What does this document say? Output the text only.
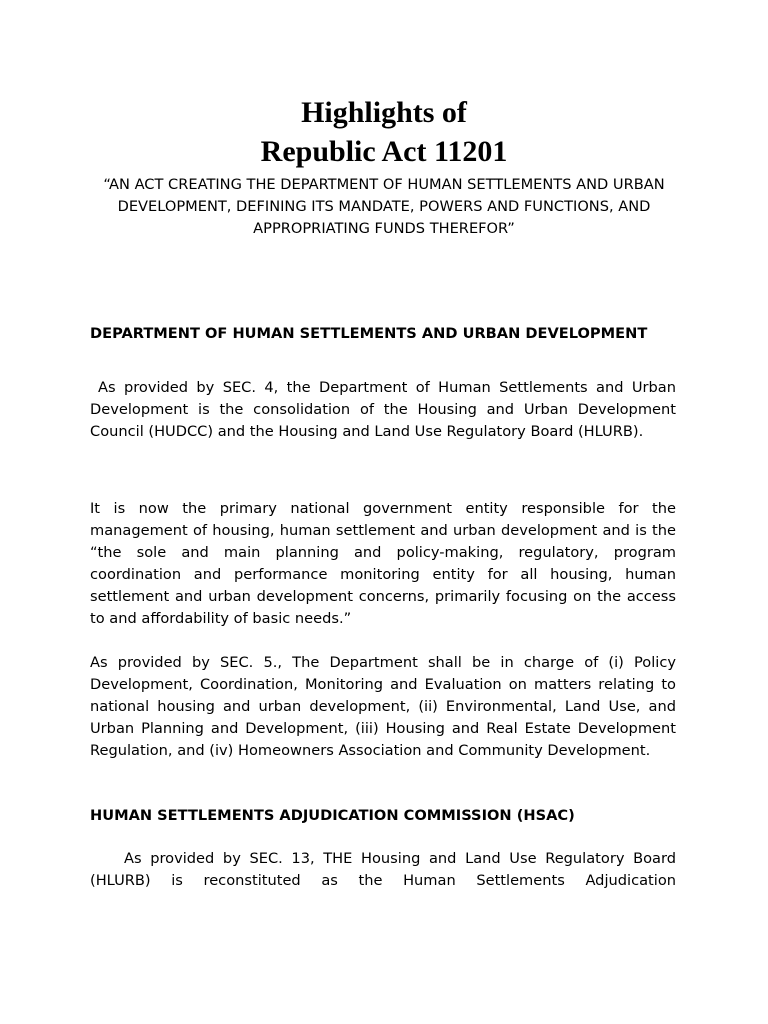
Highlights of
Republic Act 11201

“AN ACT CREATING THE DEPARTMENT OF HUMAN SETTLEMENTS AND URBAN DEVELOPMENT, DEFINING ITS MANDATE, POWERS AND FUNCTIONS, AND APPROPRIATING FUNDS THEREFOR”

DEPARTMENT OF HUMAN SETTLEMENTS AND URBAN DEVELOPMENT

As provided by SEC. 4, the Department of Human Settlements and Urban Development is the consolidation of the Housing and Urban Development Council (HUDCC) and the Housing and Land Use Regulatory Board (HLURB).

It is now the primary national government entity responsible for the management of housing, human settlement and urban development and is the “the sole and main planning and policy-making, regulatory, program coordination and performance monitoring entity for all housing, human settlement and urban development concerns, primarily focusing on the access to and affordability of basic needs.”

As provided by SEC. 5., The Department shall be in charge of (i) Policy Development, Coordination, Monitoring and Evaluation on matters relating to national housing and urban development, (ii) Environmental, Land Use, and Urban Planning and Development, (iii) Housing and Real Estate Development Regulation, and (iv) Homeowners Association and Community Development.

HUMAN SETTLEMENTS ADJUDICATION COMMISSION (HSAC)

As provided by SEC. 13, THE Housing and Land Use Regulatory Board (HLURB) is reconstituted as the Human Settlements Adjudication
